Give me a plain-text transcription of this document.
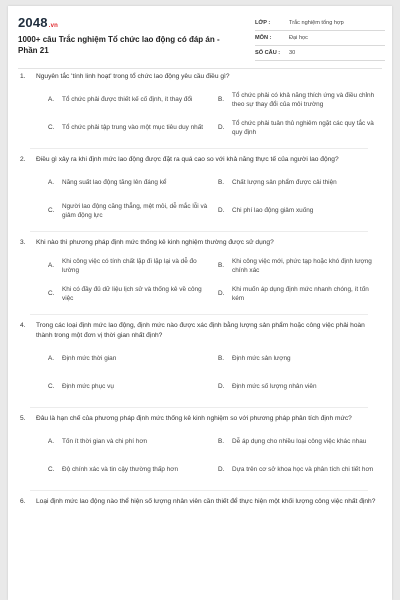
2048.vn
1000+ câu Trắc nghiệm Tổ chức lao động có đáp án - Phần 21
LỚP :	Trắc nghiệm tổng hợp
MÔN :	Đại học
SỐ CÂU :	30
1.	Nguyên tắc 'tính linh hoạt' trong tổ chức lao động yêu cầu điều gì?
A.	Tổ chức phải được thiết kế cố định, ít thay đổi	B.
Tổ chức phải có khả năng thích ứng và điều chỉnh theo sự thay đổi của môi trường
C.	Tổ chức phải tập trung vào một mục tiêu duy nhất	D.
Tổ chức phải tuân thủ nghiêm ngặt các quy tắc và quy định
2.	Điều gì xảy ra khi định mức lao động được đặt ra quá cao so với khả năng thực tế của người lao động?
A.	Năng suất lao động tăng lên đáng kể	B.	Chất lượng sản phẩm được cải thiện
C.
Người lao động căng thẳng, mệt mỏi, dễ mắc lỗi và giảm động lực
D.	Chi phí lao động giảm xuống
3.	Khi nào thì phương pháp định mức thống kê kinh nghiệm thường được sử dụng?
A.
Khi công việc có tính chất lặp đi lặp lại và dễ đo lường
B.
Khi công việc mới, phức tạp hoặc khó định lượng chính xác
C.
Khi có đầy đủ dữ liệu lịch sử và thống kê về công việc
D.
Khi muốn áp dụng định mức nhanh chóng, ít tốn kém
4.	Trong các loại định mức lao động, định mức nào được xác định bằng lượng sản phẩm hoặc công việc phải hoàn thành trong một đơn vị thời gian nhất định?
A.	Định mức thời gian	B.	Định mức sản lượng
C.	Định mức phục vụ	D.	Định mức số lượng nhân viên
5.	Đâu là hạn chế của phương pháp định mức thống kê kinh nghiệm so với phương pháp phân tích định mức?
A.	Tốn ít thời gian và chi phí hơn	B.	Dễ áp dụng cho nhiều loại công việc khác nhau
C.	Độ chính xác và tin cậy thường thấp hơn	D.	Dựa trên cơ sở khoa học và phân tích chi tiết hơn
6.	Loại định mức lao động nào thể hiện số lượng nhân viên cần thiết để thực hiện một khối lượng công việc nhất định?
